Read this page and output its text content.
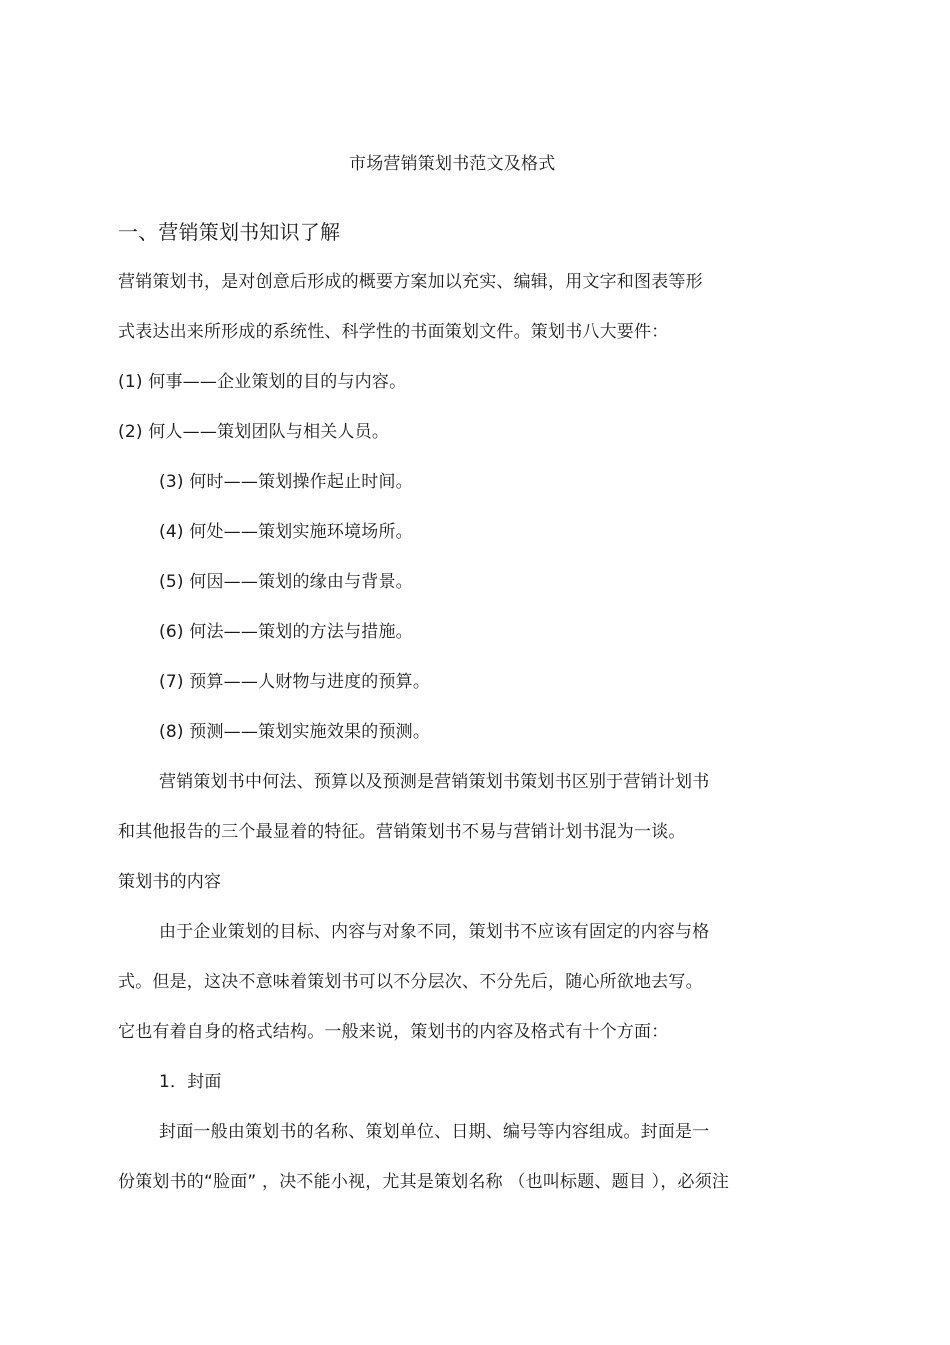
市场营销策划书范文及格式
一、营销策划书知识了解
营销策划书，是对创意后形成的概要方案加以充实、编辑，用文字和图表等形
式表达出来所形成的系统性、科学性的书面策划文件。策划书八大要件：
(1) 何事——企业策划的目的与内容。
(2) 何人——策划团队与相关人员。
(3) 何时——策划操作起止时间。
(4) 何处——策划实施环境场所。
(5) 何因——策划的缘由与背景。
(6) 何法——策划的方法与措施。
(7) 预算——人财物与进度的预算。
(8) 预测——策划实施效果的预测。
营销策划书中何法、预算以及预测是营销策划书策划书区别于营销计划书
和其他报告的三个最显着的特征。营销策划书不易与营销计划书混为一谈。
策划书的内容
由于企业策划的目标、内容与对象不同，策划书不应该有固定的内容与格
式。但是，这决不意味着策划书可以不分层次、不分先后，随心所欲地去写。
它也有着自身的格式结构。一般来说，策划书的内容及格式有十个方面：
1．封面
封面一般由策划书的名称、策划单位、日期、编号等内容组成。封面是一
份策划书的“脸面” ，决不能小视，尤其是策划名称 （也叫标题、题目 ），必须注
